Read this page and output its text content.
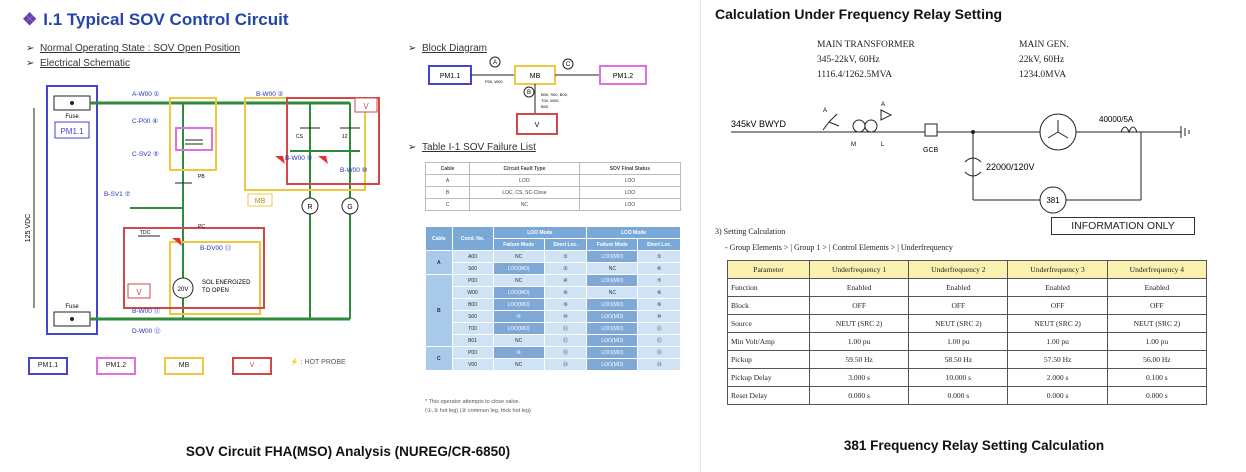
❖ I.1 Typical SOV Control Circuit
➢  Normal Operating State : SOV Open Position
➢  Electrical Schematic
PM1.1
Fuse
Fuse
125 VDC
MB
V
V
CS	12
PB
PC
TDC
20V
SOL ENERGIZED
TO OPEN
R	G
A-W00 ①	B-W00 ②
C-P00 ④
C-SV2 ⑤
B-SV1 ⑦
B-W00 ⑨
B-W00 ⑩
B-DV00 ⑬
B-W00 ⑪
D-W00 ⑫
PM1.1	PM1.2	MB	V	⚡ : HOT PROBE
➢  Block Diagram
PM1.1
P00, W00
A
MB
C
PM1.2
B B00, S00, B00,
T00, W00,
B00
V
➢  Table I-1 SOV Failure List
Cable	Circuit Fault Type	SOV Final Status
A	LOO	LOO
B	LOC, CS, SC-Close	LOO
C	NC	LOO
Cable	Cond. No.	LOO Mode		LCO Mode	
		Failure Mode	Short Loc.	Failure Mode	Short Loc.
A	A00	NC	①	LOO(MO)	①
	S00	LOO(MO)	②	NC	⑥
B	P00	NC	④	LOO(MO)	⑦
	W00	LOO(MO)	⑧	NC	⑧
	B00	LOO(MO)	⑨	LOO(MO)	⑨
	S00	⑩	⑩	LOO(MO)	⑩
	T00	LOO(MO)	⑪	LOO(MO)	⑪
	B01	NC	⑫	LOO(MO)	⑫
C	P00	⑧	⑬	LOO(MO)	⑬
	V00	NC	⑭	LOO(MO)	⑭
* This operator attempts to close valve.
(①,③ hot leg) (② common leg, trick hot leg)
SOV Circuit FHA(MSO) Analysis (NUREG/CR-6850)
Calculation Under Frequency Relay Setting
MAIN TRANSFORMER
345-22kV, 60Hz
1116.4/1262.5MVA
MAIN GEN.
22kV, 60Hz
1234.0MVA
345kV BWYD
A
A
M	L
GCB
22000/120V
381
40000/5A
INFORMATION ONLY
3) Setting Calculation
- Group Elements > | Group 1 > | Control Elements > | Underfrequency
Parameter	Underfrequency 1	Underfrequency 2	Underfrequency 3	Underfrequency 4
Function	Enabled	Enabled	Enabled	Enabled
Block	OFF	OFF	OFF	OFF
Source	NEUT (SRC 2)	NEUT (SRC 2)	NEUT (SRC 2)	NEUT (SRC 2)
Min Volt/Amp	1.00 pu	1.00 pu	1.00 pu	1.00 pu
Pickup	59.50 Hz	58.50 Hz	57.50 Hz	56.00 Hz
Pickup Delay	3.000 s	10.000 s	2.000 s	0.100 s
Reset Delay	0.000 s	0.000 s	0.000 s	0.000 s
381 Frequency Relay Setting Calculation
